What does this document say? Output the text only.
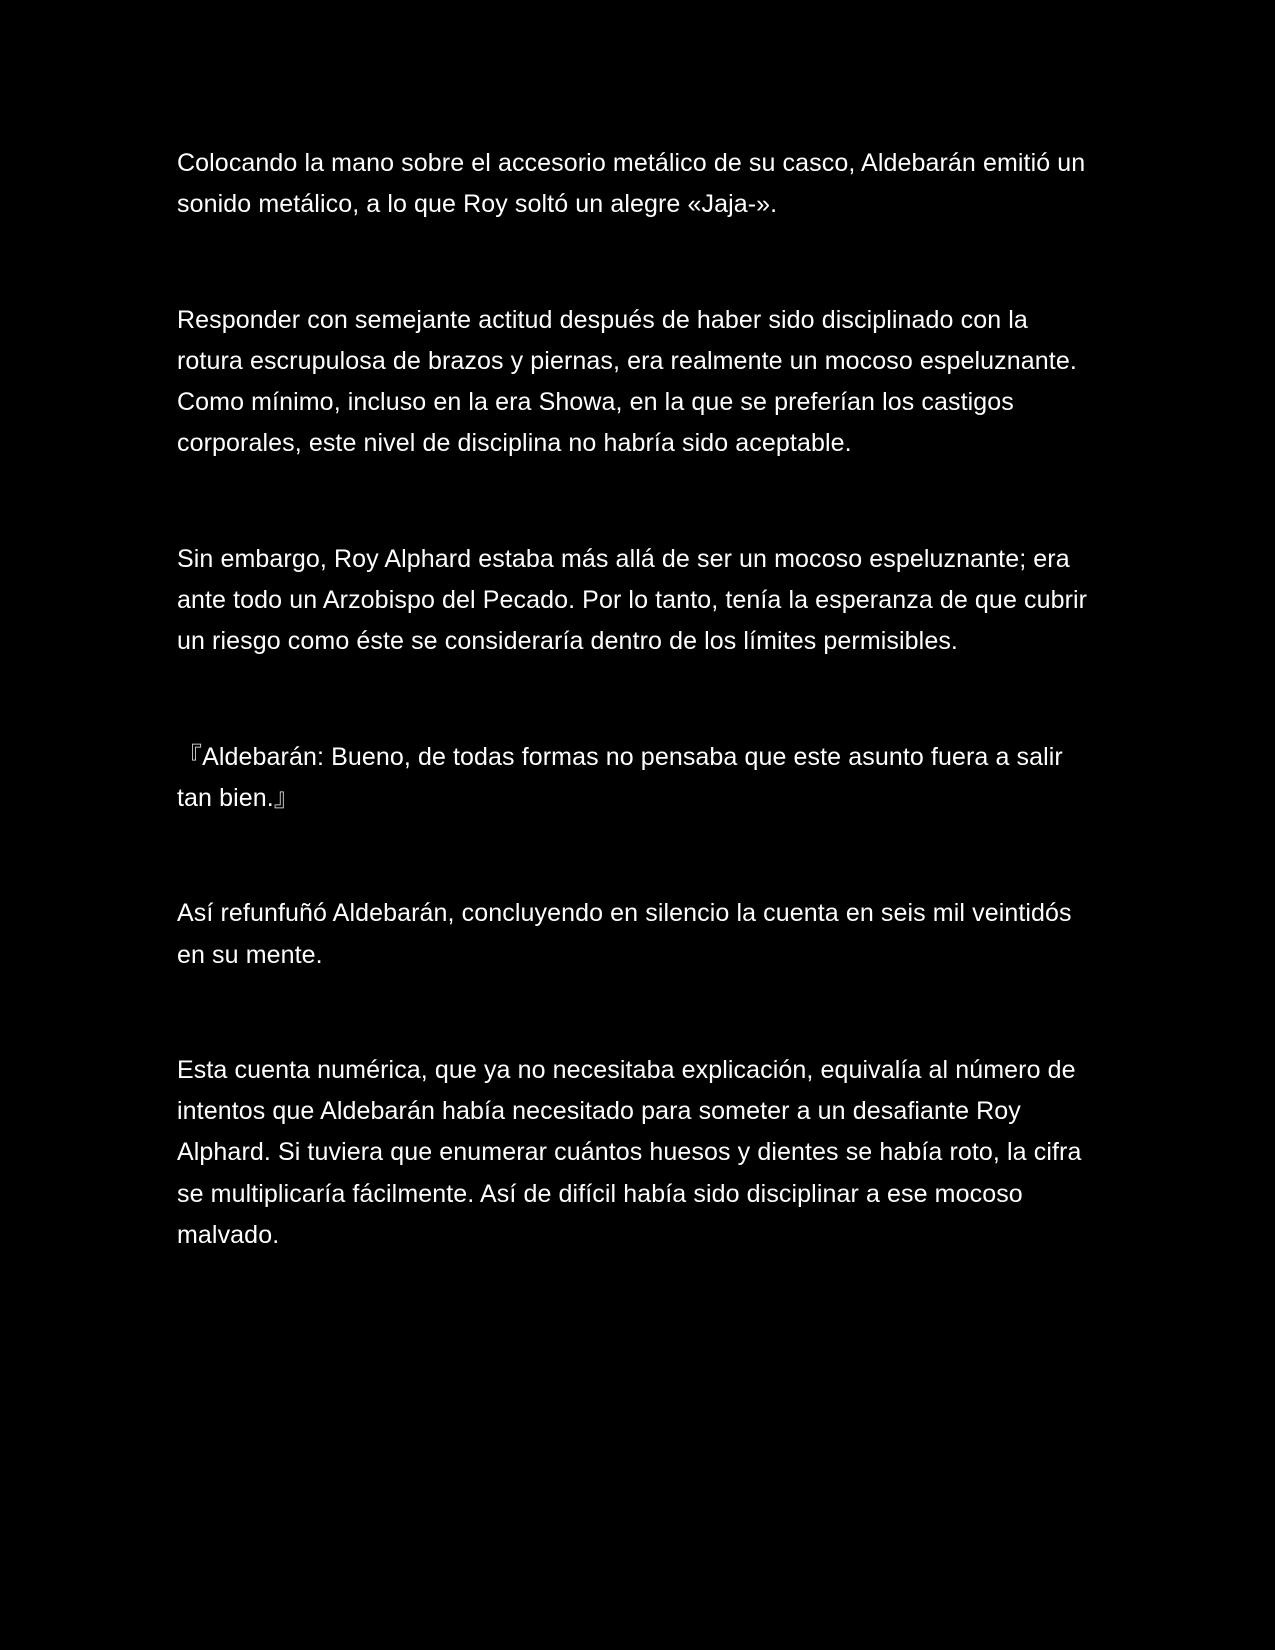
Colocando la mano sobre el accesorio metálico de su casco, Aldebarán emitió un sonido metálico, a lo que Roy soltó un alegre «Jaja-».

Responder con semejante actitud después de haber sido disciplinado con la rotura escrupulosa de brazos y piernas, era realmente un mocoso espeluznante. Como mínimo, incluso en la era Showa, en la que se preferían los castigos corporales, este nivel de disciplina no habría sido aceptable.

Sin embargo, Roy Alphard estaba más allá de ser un mocoso espeluznante; era ante todo un Arzobispo del Pecado. Por lo tanto, tenía la esperanza de que cubrir un riesgo como éste se consideraría dentro de los límites permisibles.

『Aldebarán: Bueno, de todas formas no pensaba que este asunto fuera a salir tan bien.』

Así refunfuñó Aldebarán, concluyendo en silencio la cuenta en seis mil veintidós en su mente.

Esta cuenta numérica, que ya no necesitaba explicación, equivalía al número de intentos que Aldebarán había necesitado para someter a un desafiante Roy Alphard. Si tuviera que enumerar cuántos huesos y dientes se había roto, la cifra se multiplicaría fácilmente. Así de difícil había sido disciplinar a ese mocoso malvado.
